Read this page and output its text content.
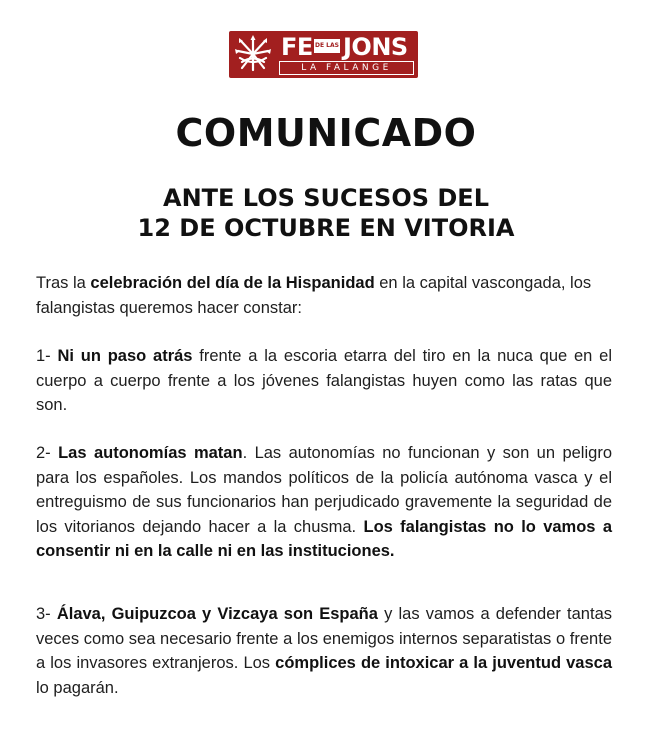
FE DE LAS JONS
LA FALANGE
COMUNICADO
ANTE LOS SUCESOS DEL
12 DE OCTUBRE EN VITORIA

Tras la celebración del día de la Hispanidad en la capital vascongada, los falangistas queremos hacer constar:

1- Ni un paso atrás frente a la escoria etarra del tiro en la nuca que en el cuerpo a cuerpo frente a los jóvenes falangistas huyen como las ratas que son.

2- Las autonomías matan. Las autonomías no funcionan y son un peligro para los españoles. Los mandos políticos de la policía autónoma vasca y el entreguismo de sus funcionarios han perjudicado gravemente la seguridad de los vitorianos dejando hacer a la chusma. Los falangistas no lo vamos a consentir ni en la calle ni en las instituciones.

3- Álava, Guipuzcoa y Vizcaya son España y las vamos a defender tantas veces como sea necesario frente a los enemigos internos separatistas o frente a los invasores extranjeros. Los cómplices de intoxicar a la juventud vasca lo pagarán.
